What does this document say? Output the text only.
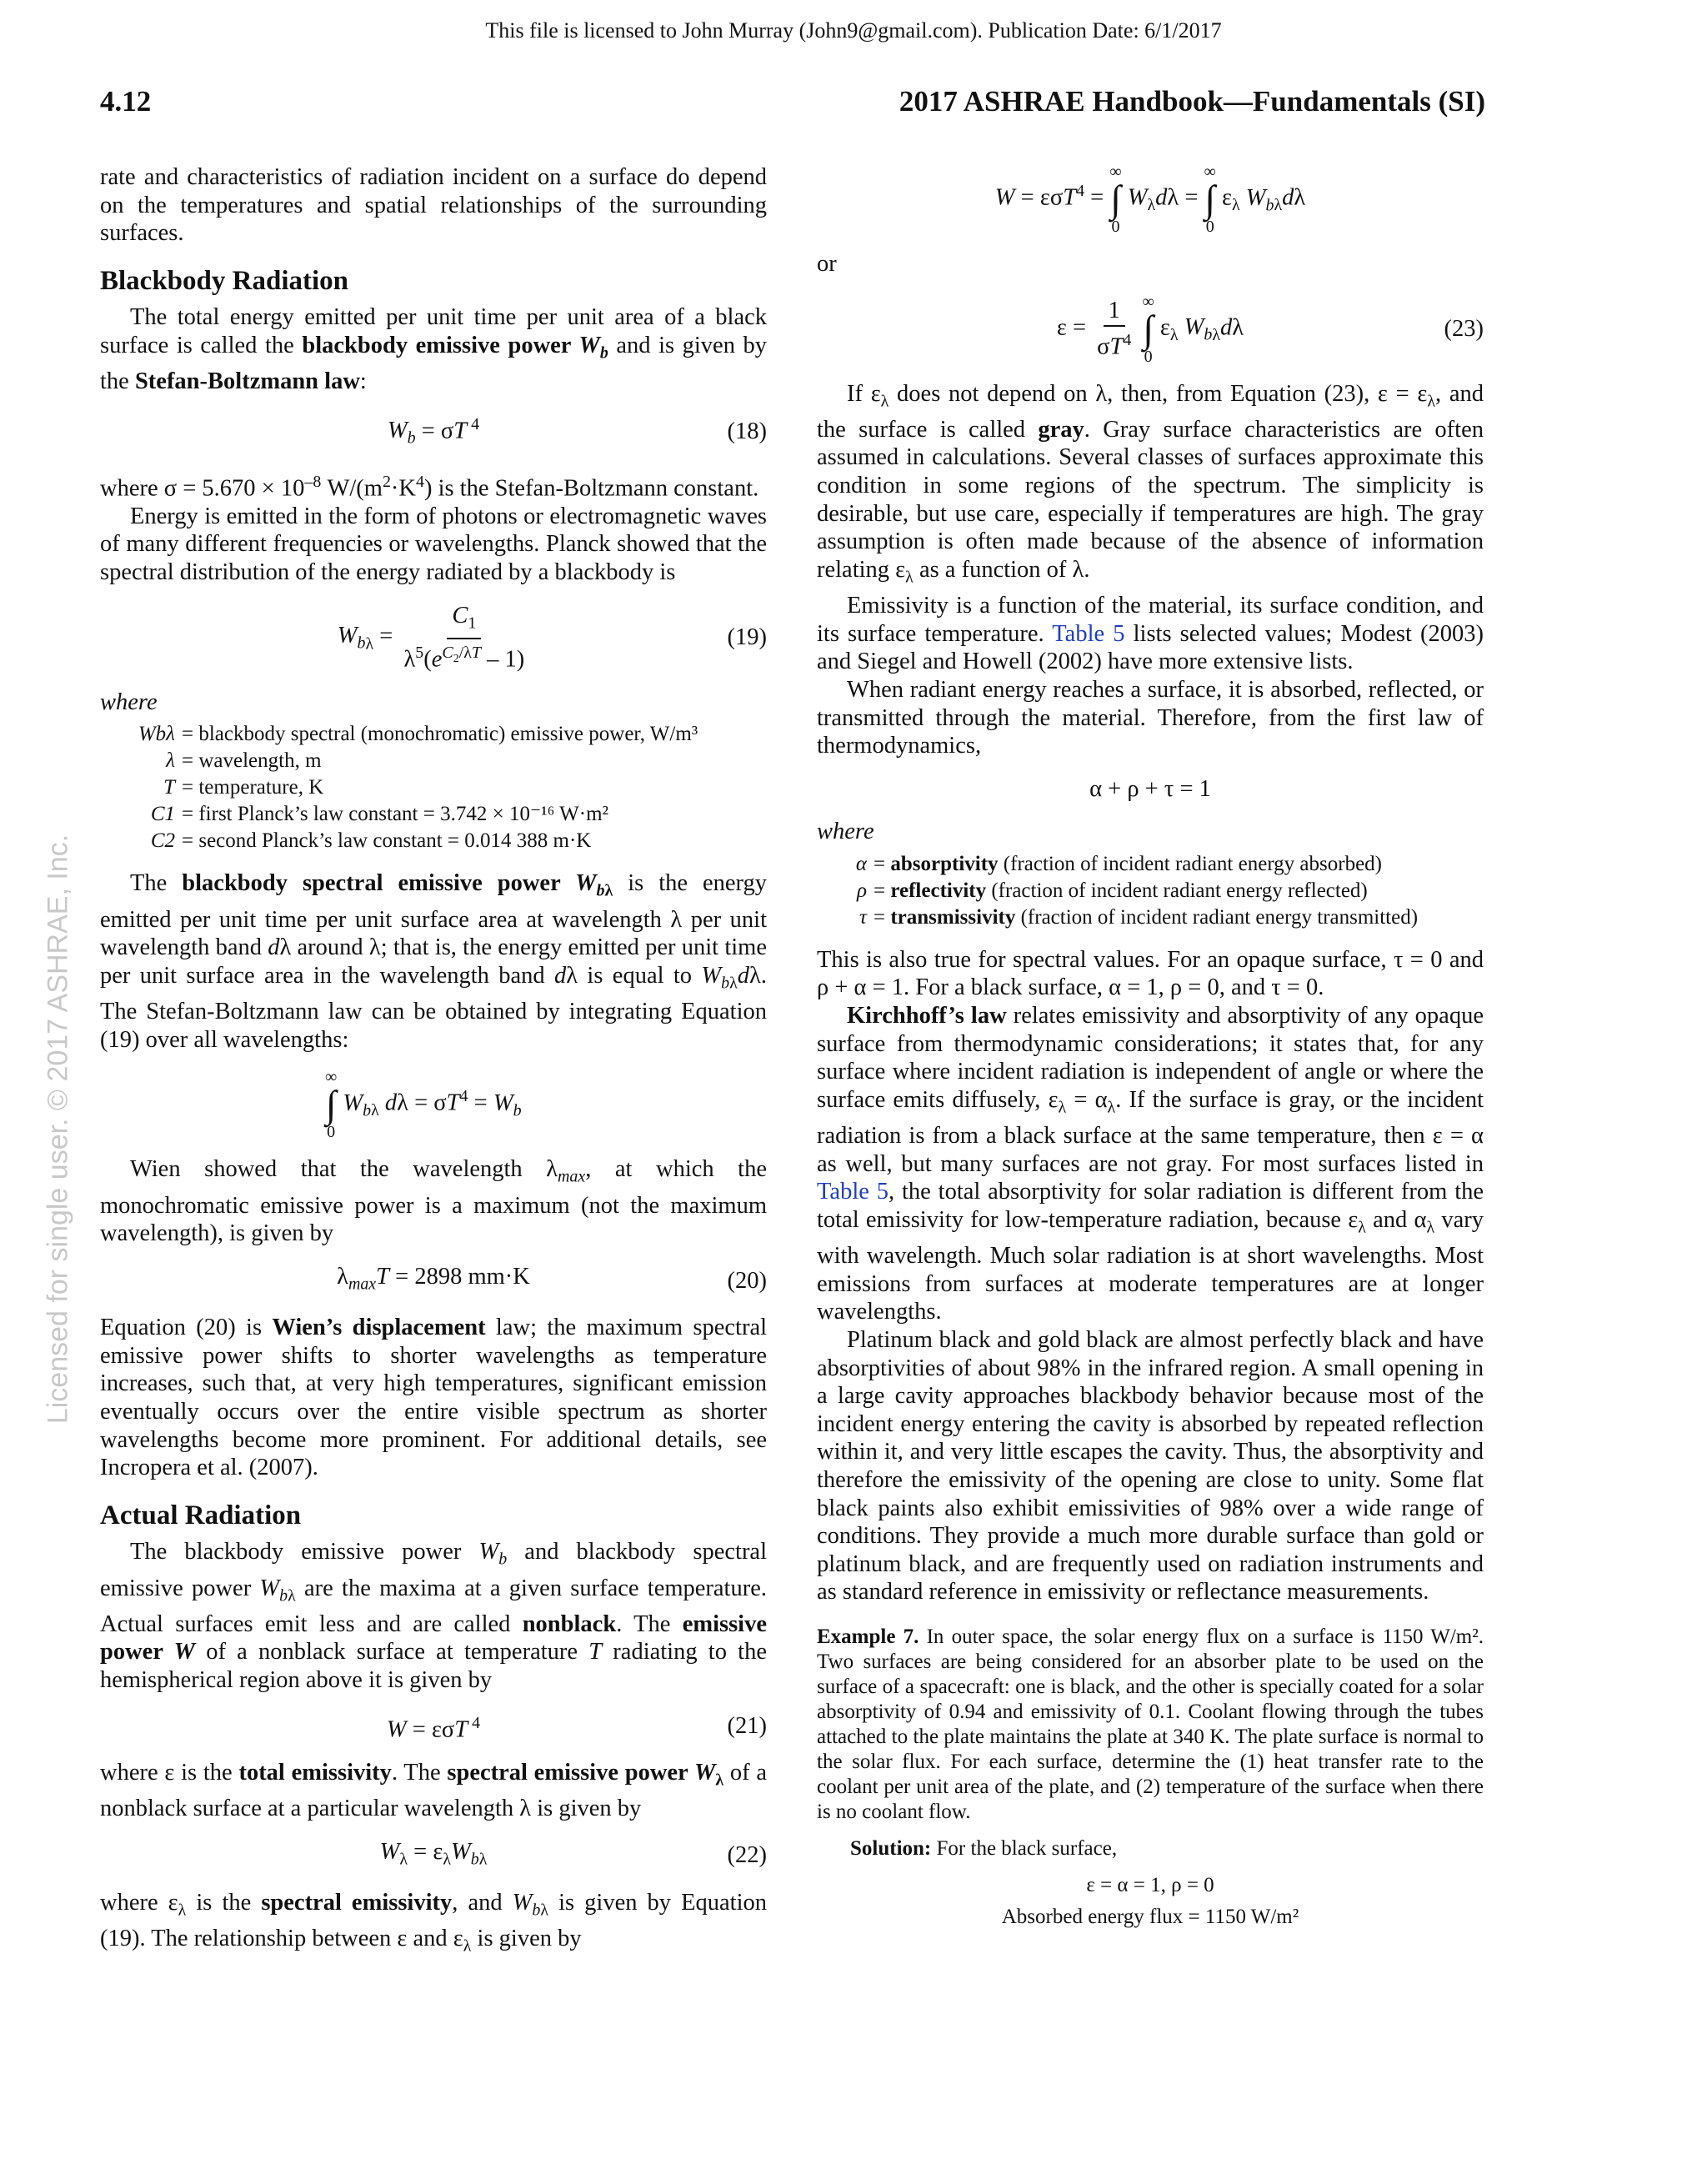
This file is licensed to John Murray (John9@gmail.com). Publication Date: 6/1/2017
4.12	2017 ASHRAE Handbook—Fundamentals (SI)
Licensed for single user. © 2017 ASHRAE, Inc.

rate and characteristics of radiation incident on a surface do depend on the temperatures and spatial relationships of the surrounding surfaces.

Blackbody Radiation

The total energy emitted per unit time per unit area of a black surface is called the blackbody emissive power $W_b$ and is given by the Stefan-Boltzmann law:

$W_b = \sigma T$ $^4$	(18)

where $\sigma = 5.670 \times 10^{-8}$ $W/(m^2\cdot K^4)$ is the Stefan-Boltzmann constant.

Energy is emitted in the form of photons or electromagnetic waves of many different frequencies or wavelengths. Planck showed that the spectral distribution of the energy radiated by a blackbody is

$W_{b\lambda} = \frac{C_1}{\lambda^5(e^{C_2/\lambda T} - 1)}$	(19)
where
Wbλ = blackbody spectral (monochromatic) emissive power, W/m³
λ = wavelength, m
T = temperature, K
C1 = first Planck’s law constant = 3.742 × 10⁻¹⁶ W·m²
C2 = second Planck’s law constant = 0.014 388 m·K

The blackbody spectral emissive power $W_{b\lambda}$ is the energy emitted per unit time per unit surface area at wavelength λ per unit wavelength band dλ around λ; that is, the energy emitted per unit time per unit surface area in the wavelength band dλ is equal to $W_{b\lambda}d\lambda$. The Stefan-Boltzmann law can be obtained by integrating Equation (19) over all wavelengths:

∞
∫
0
$W_{b\lambda}$ $d\lambda = \sigma T^4 = W_b$

Wien showed that the wavelength $\lambda_{max}$, at which the monochromatic emissive power is a maximum (not the maximum wavelength), is given by

$\lambda_{max}T = 2898$ mm·K	(20)

Equation (20) is Wien’s displacement law; the maximum spectral emissive power shifts to shorter wavelengths as temperature increases, such that, at very high temperatures, significant emission eventually occurs over the entire visible spectrum as shorter wavelengths become more prominent. For additional details, see Incropera et al. (2007).

Actual Radiation

The blackbody emissive power $W_b$ and blackbody spectral emissive power $W_{b\lambda}$ are the maxima at a given surface temperature. Actual surfaces emit less and are called nonblack. The emissive power W of a nonblack surface at temperature T radiating to the hemispherical region above it is given by

W = εσT $^4$	(21)

where ε is the total emissivity. The spectral emissive power $W_\lambda$ of a nonblack surface at a particular wavelength λ is given by

$W_\lambda = \varepsilon_\lambda W_{b\lambda}$	(22)

where $\varepsilon_\lambda$ is the spectral emissivity, and $W_{b\lambda}$ is given by Equation (19). The relationship between ε and $\varepsilon_\lambda$ is given by

W = εσT$^4$ =
∞
∫
0
$W_\lambda d\lambda$ =
∞
∫
0
$\varepsilon_\lambda$ $W_{b\lambda}d\lambda$
or
$\varepsilon = \frac{1}{\sigma T^4}$
∞
∫
0
$\varepsilon_\lambda$ $W_{b\lambda}d\lambda$	(23)

If $\varepsilon_\lambda$ does not depend on λ, then, from Equation (23), $\varepsilon = \varepsilon_\lambda$, and the surface is called gray. Gray surface characteristics are often assumed in calculations. Several classes of surfaces approximate this condition in some regions of the spectrum. The simplicity is desirable, but use care, especially if temperatures are high. The gray assumption is often made because of the absence of information relating $\varepsilon_\lambda$ as a function of λ.

Emissivity is a function of the material, its surface condition, and its surface temperature. Table 5 lists selected values; Modest (2003) and Siegel and Howell (2002) have more extensive lists.

When radiant energy reaches a surface, it is absorbed, reflected, or transmitted through the material. Therefore, from the first law of thermodynamics,

α + ρ + τ = 1
where
α = absorptivity
(fraction of incident radiant energy absorbed)
ρ = reflectivity
(fraction of incident radiant energy reflected)
τ = transmissivity
(fraction of incident radiant energy transmitted)

This is also true for spectral values. For an opaque surface, τ = 0 and ρ + α = 1. For a black surface, α = 1, ρ = 0, and τ = 0.

Kirchhoff’s law relates emissivity and absorptivity of any opaque surface from thermodynamic considerations; it states that, for any surface where incident radiation is independent of angle or where the surface emits diffusely, $\varepsilon_\lambda = \alpha_\lambda$. If the surface is gray, or the incident radiation is from a black surface at the same temperature, then ε = α as well, but many surfaces are not gray. For most surfaces listed in Table 5, the total absorptivity for solar radiation is different from the total emissivity for low-temperature radiation, because $\varepsilon_\lambda$ and $\alpha_\lambda$ vary with wavelength. Much solar radiation is at short wavelengths. Most emissions from surfaces at moderate temperatures are at longer wavelengths.

Platinum black and gold black are almost perfectly black and have absorptivities of about 98% in the infrared region. A small opening in a large cavity approaches blackbody behavior because most of the incident energy entering the cavity is absorbed by repeated reflection within it, and very little escapes the cavity. Thus, the absorptivity and therefore the emissivity of the opening are close to unity. Some flat black paints also exhibit emissivities of 98% over a wide range of conditions. They provide a much more durable surface than gold or platinum black, and are frequently used on radiation instruments and as standard reference in emissivity or reflectance measurements.

Example 7. In outer space, the solar energy flux on a surface is 1150 W/m². Two surfaces are being considered for an absorber plate to be used on the surface of a spacecraft: one is black, and the other is specially coated for a solar absorptivity of 0.94 and emissivity of 0.1. Coolant flowing through the tubes attached to the plate maintains the plate at 340 K. The plate surface is normal to the solar flux. For each surface, determine the (1) heat transfer rate to the coolant per unit area of the plate, and (2) temperature of the surface when there is no coolant flow.

Solution: For the black surface,

ε = α = 1, ρ = 0
Absorbed energy flux = 1150 W/m²
